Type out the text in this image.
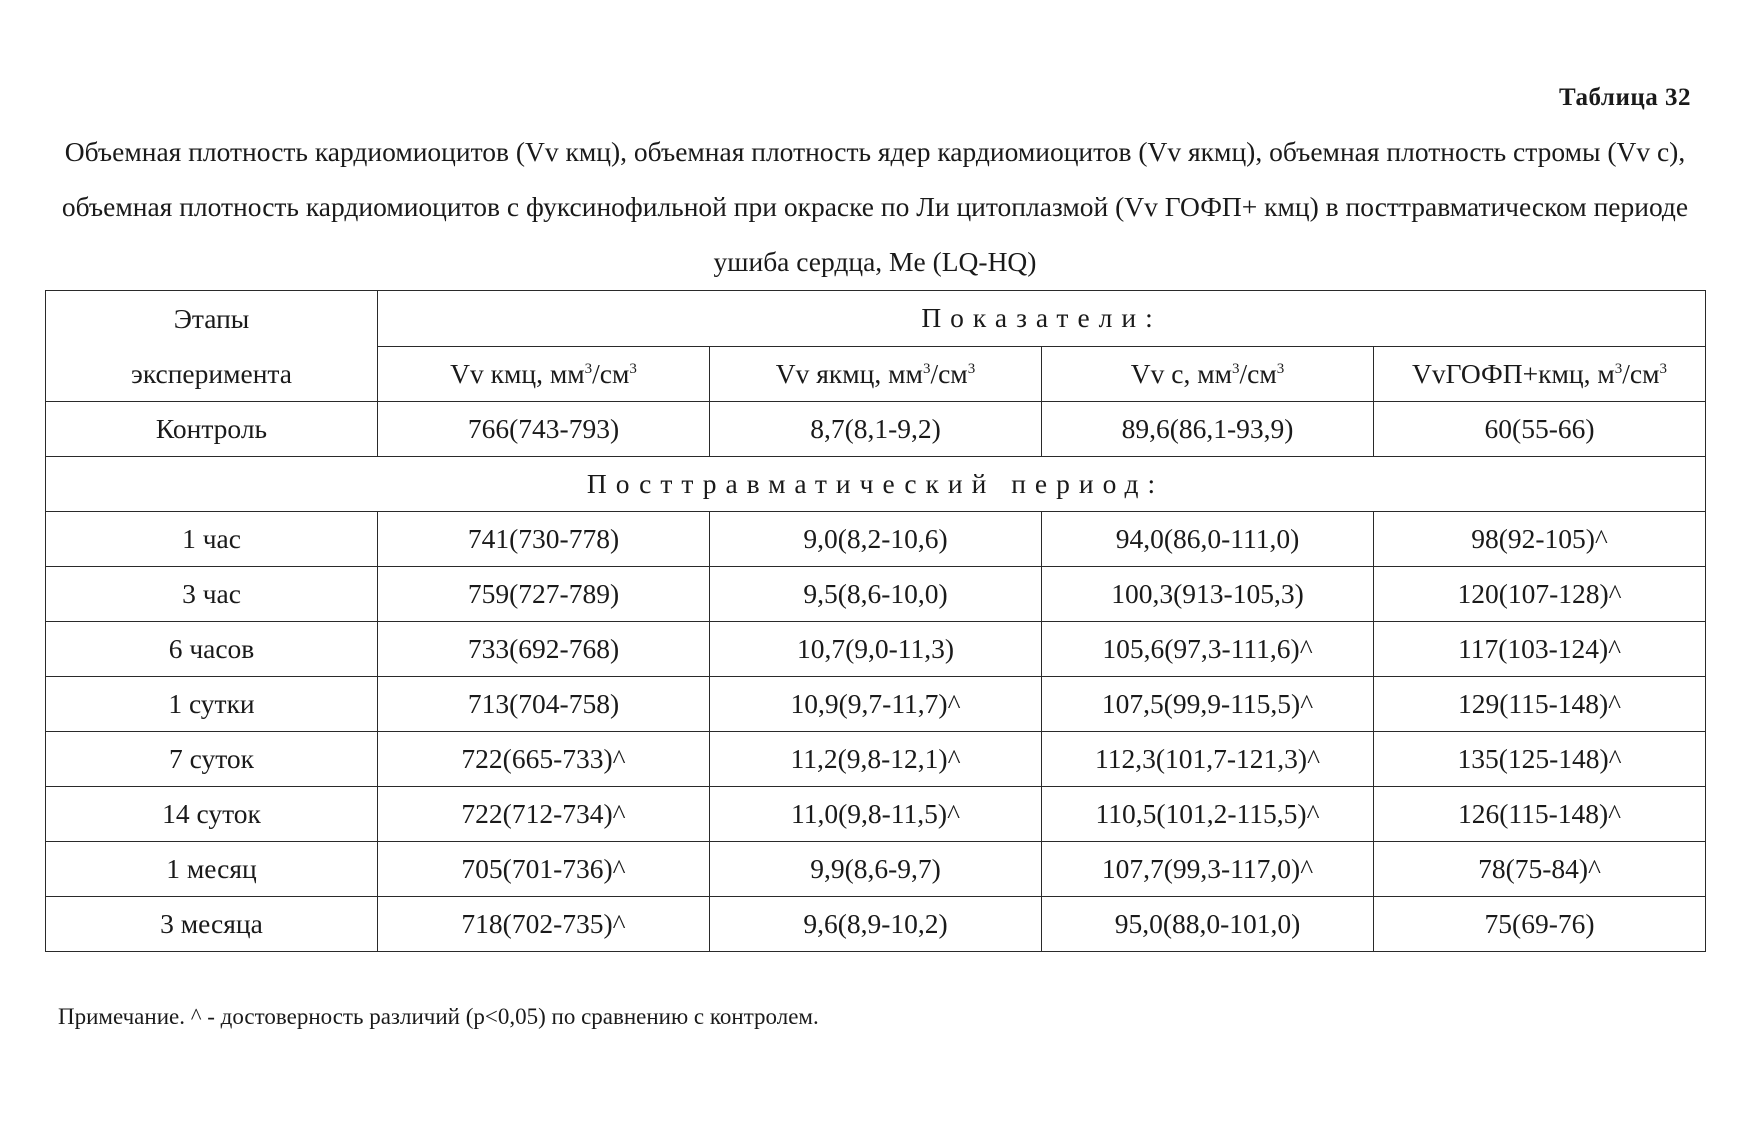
Таблица 32
Объемная плотность кардиомиоцитов (Vv кмц), объемная плотность ядер кардиомиоцитов (Vv якмц), объемная плотность стромы (Vv с), объемная плотность кардиомиоцитов с фуксинофильной при окраске по Ли цитоплазмой (Vv ГОФП+ кмц) в посттравматическом периоде ушиба сердца, Me (LQ-HQ)
Этапы
эксперимента	Показатели:			
	Vv кмц, $мм^3/см^3$	Vv якмц, $мм^3/см^3$	Vv с, $мм^3/см^3$	VvГОФП+кмц, $м^3/см^3$
Контроль	766(743-793)	8,7(8,1-9,2)	89,6(86,1-93,9)	60(55-66)
Посттравматический период:				
1 час	741(730-778)	9,0(8,2-10,6)	94,0(86,0-111,0)	98(92-105)^
3 час	759(727-789)	9,5(8,6-10,0)	100,3(913-105,3)	120(107-128)^
6 часов	733(692-768)	10,7(9,0-11,3)	105,6(97,3-111,6)^	117(103-124)^
1 сутки	713(704-758)	10,9(9,7-11,7)^	107,5(99,9-115,5)^	129(115-148)^
7 суток	722(665-733)^	11,2(9,8-12,1)^	112,3(101,7-121,3)^	135(125-148)^
14 суток	722(712-734)^	11,0(9,8-11,5)^	110,5(101,2-115,5)^	126(115-148)^
1 месяц	705(701-736)^	9,9(8,6-9,7)	107,7(99,3-117,0)^	78(75-84)^
3 месяца	718(702-735)^	9,6(8,9-10,2)	95,0(88,0-101,0)	75(69-76)
Примечание. ^ - достоверность различий (p<0,05) по сравнению с контролем.
